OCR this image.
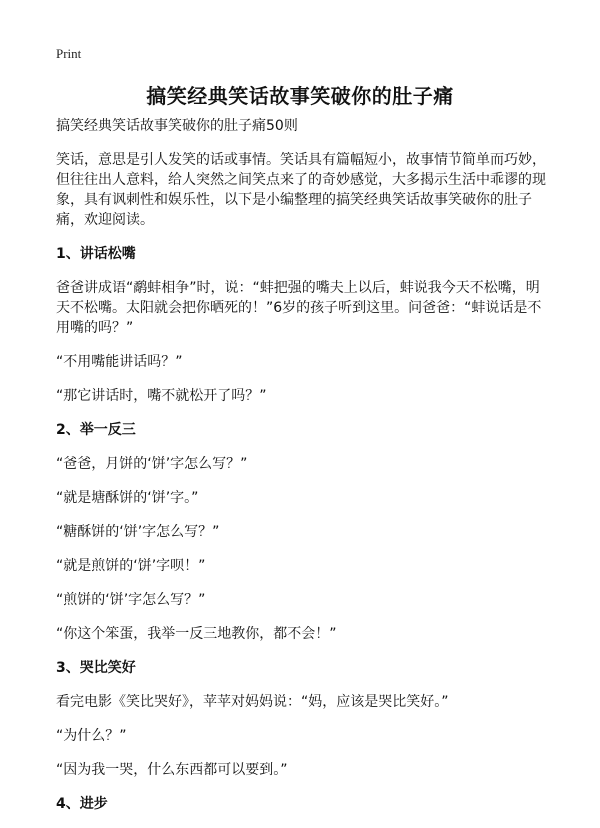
Print
搞笑经典笑话故事笑破你的肚子痛

搞笑经典笑话故事笑破你的肚子痛50则

笑话，意思是引人发笑的话或事情。笑话具有篇幅短小，故事情节简单而巧妙，但往往出人意料，给人突然之间笑点来了的奇妙感觉，大多揭示生活中乖谬的现象，具有讽刺性和娱乐性，以下是小编整理的搞笑经典笑话故事笑破你的肚子痛，欢迎阅读。

1、讲话松嘴

爸爸讲成语“鹬蚌相争”时，说：“蚌把强的嘴夫上以后，蚌说我今天不松嘴，明天不松嘴。太阳就会把你晒死的！”6岁的孩子听到这里。问爸爸：“蚌说话是不用嘴的吗？”

“不用嘴能讲话吗？”

“那它讲话时，嘴不就松开了吗？”

2、举一反三

“爸爸，月饼的‘饼’字怎么写？”

“就是塘酥饼的‘饼’字。”

“糖酥饼的‘饼’字怎么写？”

“就是煎饼的‘饼’字呗！”

“煎饼的‘饼’字怎么写？”

“你这个笨蛋，我举一反三地教你，都不会！”

3、哭比笑好

看完电影《笑比哭好》，苹苹对妈妈说：“妈，应该是哭比笑好。”

“为什么？”

“因为我一哭，什么东西都可以要到。”

4、进步
